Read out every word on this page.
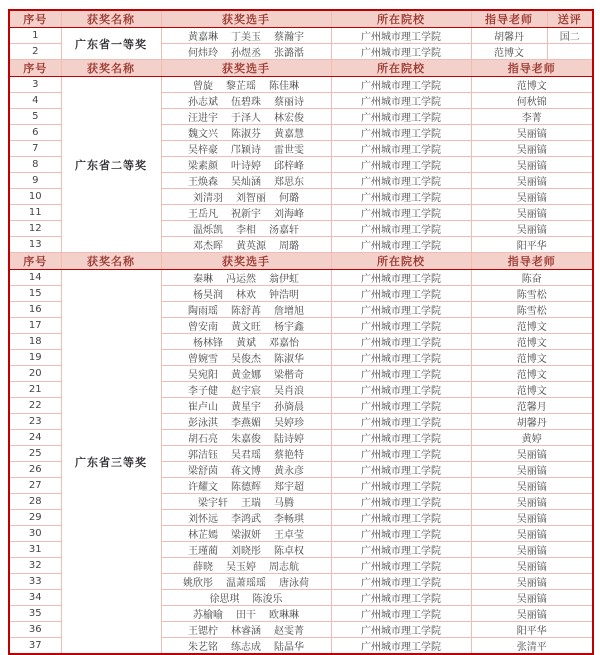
序号	获奖名称	获奖选手	所在院校	指导老师	送评
1	广东省一等奖	黄嘉琳 丁美玉 蔡瀚宇	广州城市理工学院	胡馨丹	国二
2		何炜玲 孙煜丞 张潞湉	广州城市理工学院	范博文	
序号	获奖名称	获奖选手	所在院校	指导老师	
3	广东省二等奖	曾旋 黎芷瑶 陈佳琳	广州城市理工学院	范博文	
4		孙志斌 伍碧珠 蔡丽诗	广州城市理工学院	何秋锦	
5		汪进宇 于泽人 林宏俊	广州城市理工学院	李菁	
6		魏文兴 陈淑芬 黄嘉慧	广州城市理工学院	吴丽镐	
7		吴梓豪 邝颖诗 雷世雯	广州城市理工学院	吴丽镐	
8		梁素颜 叶诗婷 邱梓峰	广州城市理工学院	吴丽镐	
9		王焕森 吴灿涵 郑思东	广州城市理工学院	吴丽镐	
10		刘清羽 刘智丽 何璐	广州城市理工学院	吴丽镐	
11		王岳凡 祝新宇 刘海峰	广州城市理工学院	吴丽镐	
12		温烁凯 李相 汤嘉轩	广州城市理工学院	吴丽镐	
13		邓杰晖 黄英源 周璐	广州城市理工学院	阳平华	
序号	获奖名称	获奖选手	所在院校	指导老师	
14	广东省三等奖	秦琳 冯运然 翁伊虹	广州城市理工学院	陈奋	
15		杨昊润 林欢 钟浩明	广州城市理工学院	陈雪松	
16		陶雨瑶 陈舒苒 詹增旭	广州城市理工学院	陈雪松	
17		曾安南 黄文旺 杨宇鑫	广州城市理工学院	范博文	
18		杨林锋 黄斌 邓嘉怡	广州城市理工学院	范博文	
19		曾婉雪 吴俊杰 陈淑华	广州城市理工学院	范博文	
20		吴宛阳 黄金娜 梁楷奇	广州城市理工学院	范博文	
21		李子健 赵宇宸 吴肖浪	广州城市理工学院	范博文	
22		崔卢山 黄星宇 孙旖晨	广州城市理工学院	范馨月	
23		彭泳淇 李燕媚 吴婷珍	广州城市理工学院	胡馨丹	
24		胡石亮 朱嘉俊 陆诗婷	广州城市理工学院	黄婷	
25		郭洁钰 吴君瑶 蔡艳特	广州城市理工学院	吴丽镐	
26		梁舒茵 蒋文博 黄永彦	广州城市理工学院	吴丽镐	
27		许耀文 陈德辉 郑宇超	广州城市理工学院	吴丽镐	
28		梁宇轩 王瑞 马腾	广州城市理工学院	吴丽镐	
29		刘怀远 李鸿武 李畅琪	广州城市理工学院	吴丽镐	
30		林芷嫣 梁淑妍 王卓莹	广州城市理工学院	吴丽镐	
31		王瑾蔺 刘晓彤 陈卓权	广州城市理工学院	吴丽镐	
32		薛晓 吴玉婷 周志航	广州城市理工学院	吴丽镐	
33		姚欣彤 温萧瑶瑶 唐泳荷	广州城市理工学院	吴丽镐	
34		徐思琪 陈浚乐	广州城市理工学院	吴丽镐	
35		苏榆喻 田干 欧琳琳	广州城市理工学院	吴丽镐	
36		王锶柠 林睿涵 赵雯菁	广州城市理工学院	阳平华	
37		朱艺铭 练志成 陆晶华	广州城市理工学院	张清平	
